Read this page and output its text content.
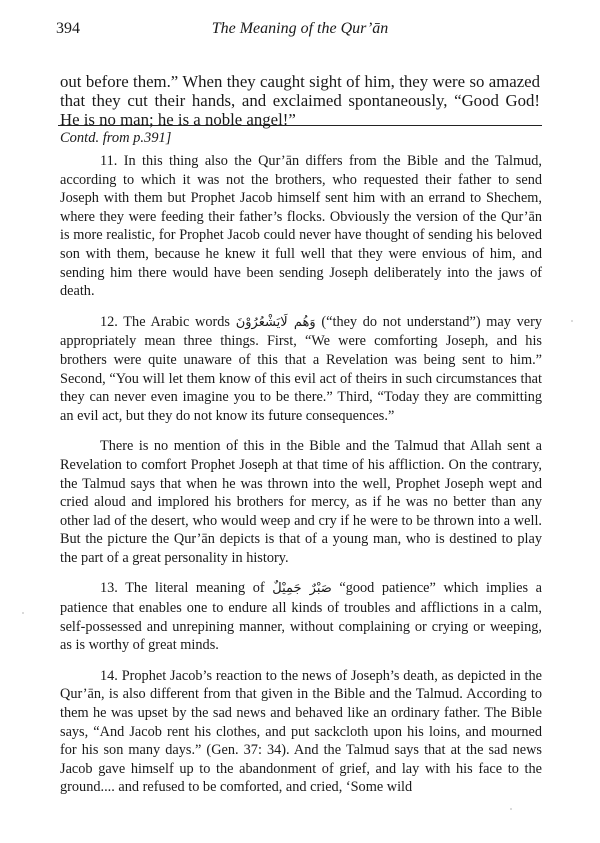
394	The Meaning of the Qur’ān

out before them.” When they caught sight of him, they were so amazed that they cut their hands, and exclaimed spontaneously, “Good God! He is no man; he is a noble angel!”

Contd. from p.391]

11. In this thing also the Qur’ān differs from the Bible and the Talmud, according to which it was not the brothers, who requested their father to send Joseph with them but Prophet Jacob himself sent him with an errand to Shechem, where they were feeding their father’s flocks. Obviously the version of the Qur’ān is more realistic, for Prophet Jacob could never have thought of sending his beloved son with them, because he knew it full well that they were envious of him, and sending him there would have been sending Joseph deliberately into the jaws of death.

12. The Arabic words وَهُم لَايَشْعُرُوْنَ (“they do not understand”) may very appropriately mean three things. First, “We were comforting Joseph, and his brothers were quite unaware of this that a Revelation was being sent to him.” Second, “You will let them know of this evil act of theirs in such circumstances that they can never even imagine you to be there.” Third, “Today they are committing an evil act, but they do not know its future consequences.”

There is no mention of this in the Bible and the Talmud that Allah sent a Revelation to comfort Prophet Joseph at that time of his affliction. On the contrary, the Talmud says that when he was thrown into the well, Prophet Joseph wept and cried aloud and implored his brothers for mercy, as if he was no better than any other lad of the desert, who would weep and cry if he were to be thrown into a well. But the picture the Qur’ān depicts is that of a young man, who is destined to play the part of a great personality in history.

13. The literal meaning of صَبْرٌ جَمِيْلٌ “good patience” which implies a patience that enables one to endure all kinds of troubles and afflictions in a calm, self-possessed and unrepining manner, without complaining or crying or weeping, as is worthy of great minds.

14. Prophet Jacob’s reaction to the news of Joseph’s death, as depicted in the Qur’ān, is also different from that given in the Bible and the Talmud. According to them he was upset by the sad news and behaved like an ordinary father. The Bible says, “And Jacob rent his clothes, and put sackcloth upon his loins, and mourned for his son many days.” (Gen. 37: 34). And the Talmud says that at the sad news Jacob gave himself up to the abandonment of grief, and lay with his face to the ground.... and refused to be comforted, and cried, ‘Some wild
